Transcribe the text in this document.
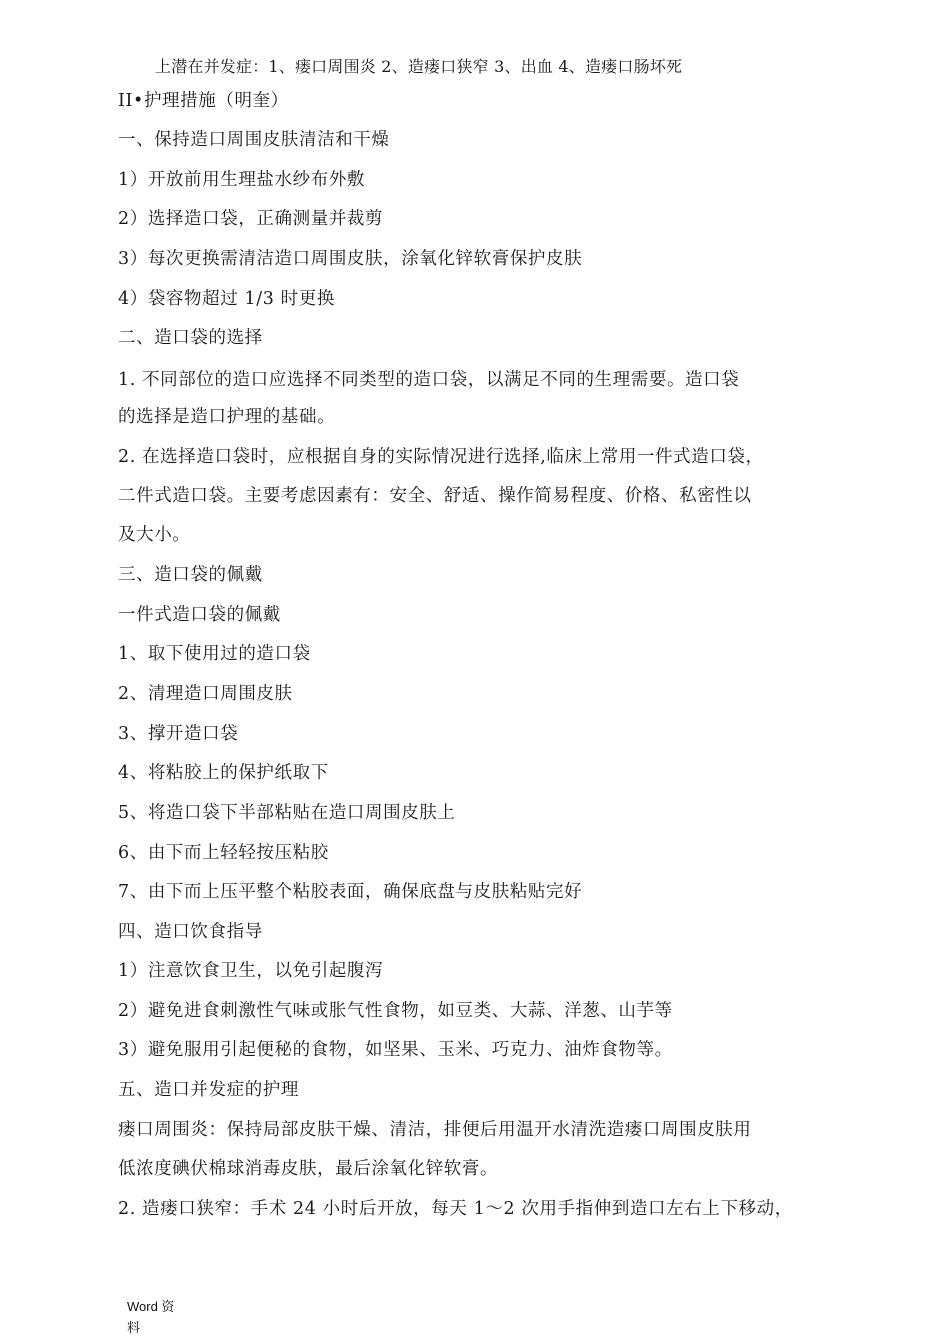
上潜在并发症：1、瘘口周围炎 2、造瘘口狭窄 3、出血 4、造瘘口肠坏死
II•护理措施（明奎）
一、保持造口周围皮肤清洁和干燥
1）开放前用生理盐水纱布外敷
2）选择造口袋，正确测量并裁剪
3）每次更换需清洁造口周围皮肤，涂氧化锌软膏保护皮肤
4）袋容物超过 1/3 时更换
二、造口袋的选择
1. 不同部位的造口应选择不同类型的造口袋，以满足不同的生理需要。造口袋
的选择是造口护理的基础。
2. 在选择造口袋时，应根据自身的实际情况进行选择,临床上常用一件式造口袋，
二件式造口袋。主要考虑因素有：安全、舒适、操作简易程度、价格、私密性以
及大小。
三、造口袋的佩戴
一件式造口袋的佩戴
1、取下使用过的造口袋
2、清理造口周围皮肤
3、撑开造口袋
4、将粘胶上的保护纸取下
5、将造口袋下半部粘贴在造口周围皮肤上
6、由下而上轻轻按压粘胶
7、由下而上压平整个粘胶表面，确保底盘与皮肤粘贴完好
四、造口饮食指导
1）注意饮食卫生，以免引起腹泻
2）避免进食刺激性气味或胀气性食物，如豆类、大蒜、洋葱、山芋等
3）避免服用引起便秘的食物，如坚果、玉米、巧克力、油炸食物等。
五、造口并发症的护理
瘘口周围炎：保持局部皮肤干燥、清洁，排便后用温开水清洗造瘘口周围皮肤用
低浓度碘伏棉球消毒皮肤，最后涂氧化锌软膏。
2. 造瘘口狭窄：手术 24 小时后开放，每天 1～2 次用手指伸到造口左右上下移动，
Word 资
料
